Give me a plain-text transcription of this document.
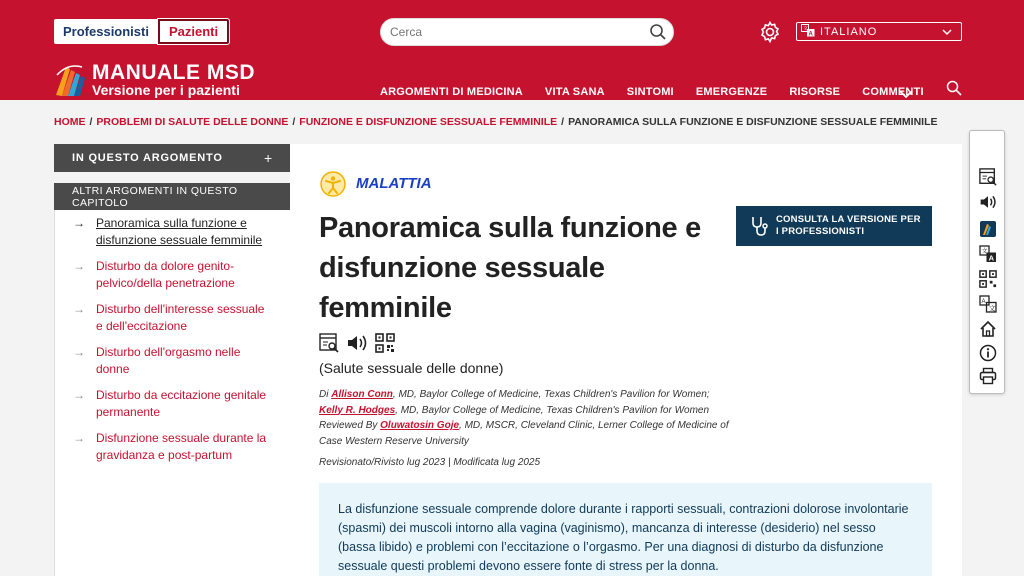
Professionisti	Pazienti
Cerca	文
A ITALIANO
MANUALE MSD
Versione per i pazienti	ARGOMENTI DI MEDICINA VITA SANA SINTOMI EMERGENZE RISORSE COMMENTI
HOME / PROBLEMI DI SALUTE DELLE DONNE / FUNZIONE E DISFUNZIONE SESSUALE FEMMINILE / PANORAMICA SULLA FUNZIONE E DISFUNZIONE SESSUALE FEMMINILE
IN QUESTO ARGOMENTO	+
ALTRI ARGOMENTI IN QUESTO CAPITOLO
→ Panoramica sulla funzione e disfunzione sessuale femminile
→ Disturbo da dolore genito-pelvico/della penetrazione
→ Disturbo dell'interesse sessuale e dell'eccitazione
→ Disturbo dell'orgasmo nelle donne
→ Disturbo da eccitazione genitale permanente
→ Disfunzione sessuale durante la gravidanza e post-partum
MALATTIA
Panoramica sulla funzione e disfunzione sessuale femminile
(Salute sessuale delle donne)
Di Allison Conn, MD, Baylor College of Medicine, Texas Children's Pavilion for Women;
Kelly R. Hodges, MD, Baylor College of Medicine, Texas Children's Pavilion for Women
Reviewed By Oluwatosin Goje, MD, MSCR, Cleveland Clinic, Lerner College of Medicine of Case Western Reserve University
Revisionato/Rivisto lug 2023 | Modificata lug 2025
CONSULTA LA VERSIONE PER I PROFESSIONISTI
La disfunzione sessuale comprende dolore durante i rapporti sessuali, contrazioni dolorose involontarie (spasmi) dei muscoli intorno alla vagina (vaginismo), mancanza di interesse (desiderio) nel sesso (bassa libido) e problemi con l’eccitazione o l’orgasmo. Per una diagnosi di disturbo da disfunzione sessuale questi problemi devono essere fonte di stress per la donna.
文
A
A
文
